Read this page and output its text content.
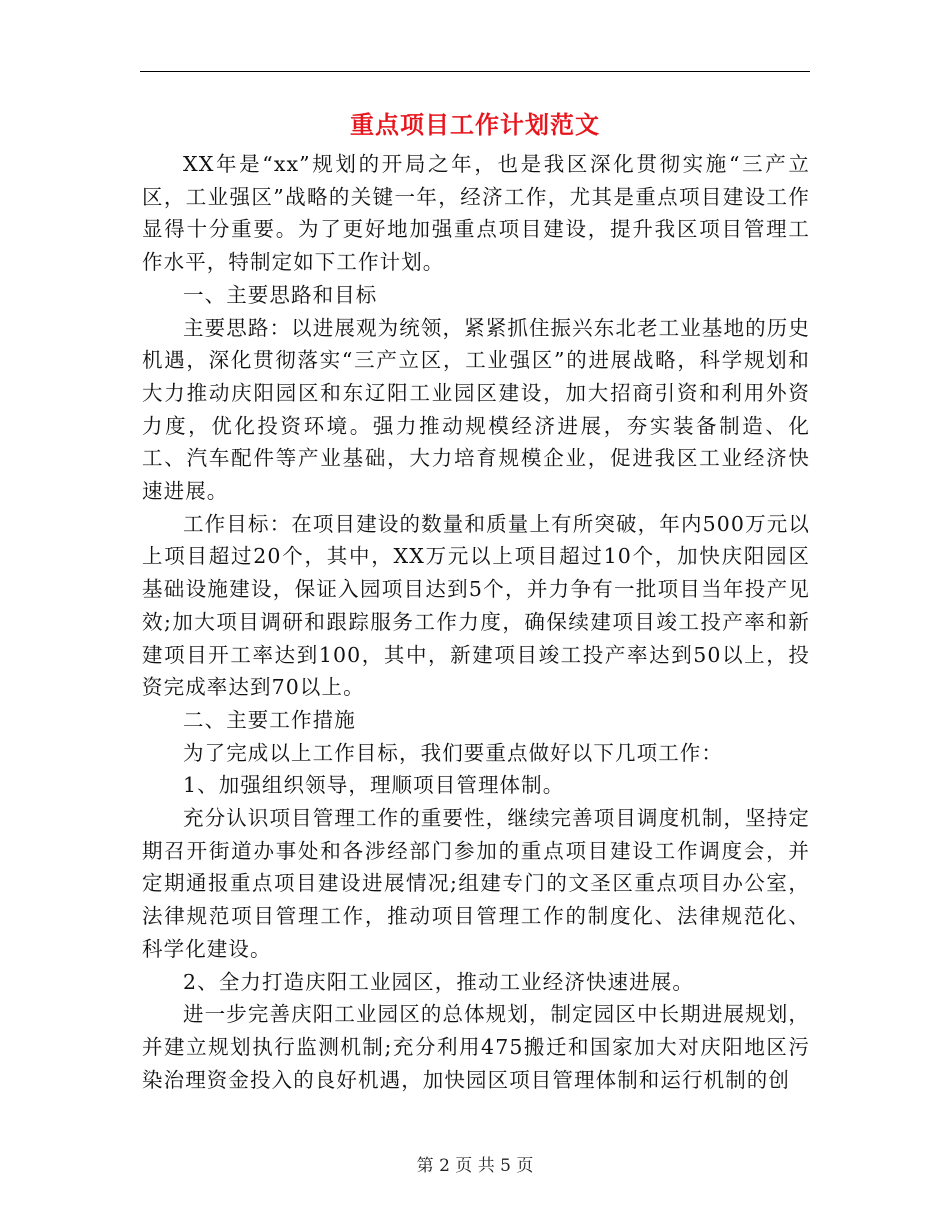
重点项目工作计划范文

XX年是“xx”规划的开局之年，也是我区深化贯彻实施“三产立区，工业强区”战略的关键一年，经济工作，尤其是重点项目建设工作显得十分重要。为了更好地加强重点项目建设，提升我区项目管理工作水平，特制定如下工作计划。

一、主要思路和目标

主要思路：以进展观为统领，紧紧抓住振兴东北老工业基地的历史机遇，深化贯彻落实“三产立区，工业强区”的进展战略，科学规划和大力推动庆阳园区和东辽阳工业园区建设，加大招商引资和利用外资力度，优化投资环境。强力推动规模经济进展，夯实装备制造、化工、汽车配件等产业基础，大力培育规模企业，促进我区工业经济快速进展。

工作目标：在项目建设的数量和质量上有所突破，年内500万元以上项目超过20个，其中，XX万元以上项目超过10个，加快庆阳园区基础设施建设，保证入园项目达到5个，并力争有一批项目当年投产见效;加大项目调研和跟踪服务工作力度，确保续建项目竣工投产率和新建项目开工率达到100，其中，新建项目竣工投产率达到50以上，投资完成率达到70以上。

二、主要工作措施

为了完成以上工作目标，我们要重点做好以下几项工作：

1、加强组织领导，理顺项目管理体制。

充分认识项目管理工作的重要性，继续完善项目调度机制，坚持定期召开街道办事处和各涉经部门参加的重点项目建设工作调度会，并定期通报重点项目建设进展情况;组建专门的文圣区重点项目办公室，法律规范项目管理工作，推动项目管理工作的制度化、法律规范化、科学化建设。

2、全力打造庆阳工业园区，推动工业经济快速进展。

进一步完善庆阳工业园区的总体规划，制定园区中长期进展规划，并建立规划执行监测机制;充分利用475搬迁和国家加大对庆阳地区污染治理资金投入的良好机遇，加快园区项目管理体制和运行机制的创

第 2 页 共 5 页
